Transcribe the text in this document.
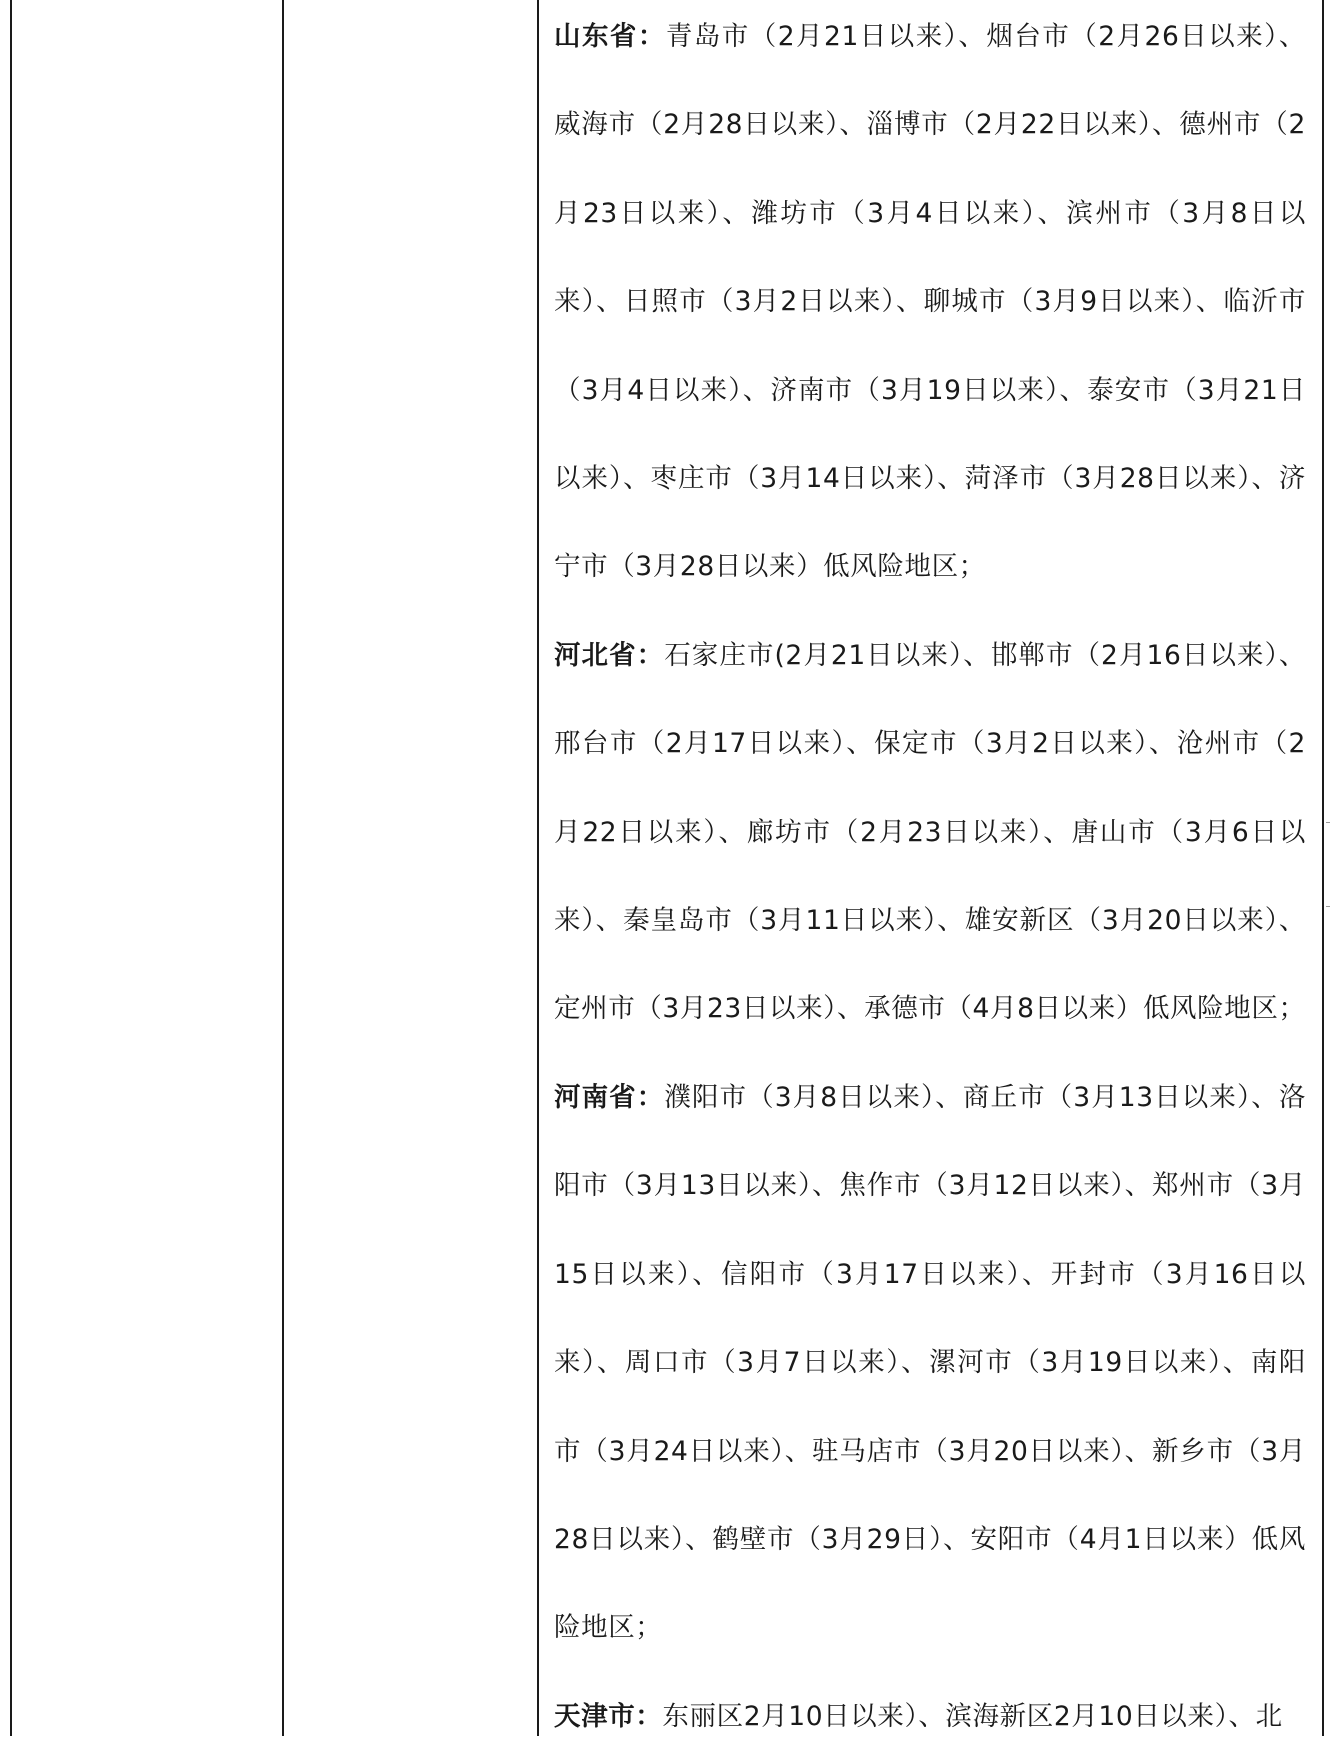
山东省：青岛市（2月21日以来）、烟台市（2月26日以来）、威海市（2月28日以来）、淄博市（2月22日以来）、德州市（2月23日以来）、潍坊市（3月4日以来）、滨州市（3月8日以来）、日照市（3月2日以来）、聊城市（3月9日以来）、临沂市（3月4日以来）、济南市（3月19日以来）、泰安市（3月21日以来）、枣庄市（3月14日以来）、菏泽市（3月28日以来）、济宁市（3月28日以来）低风险地区；

河北省：石家庄市(2月21日以来）、邯郸市（2月16日以来）、邢台市（2月17日以来）、保定市（3月2日以来）、沧州市（2月22日以来）、廊坊市（2月23日以来）、唐山市（3月6日以来）、秦皇岛市（3月11日以来）、雄安新区（3月20日以来）、定州市（3月23日以来）、承德市（4月8日以来）低风险地区；

河南省：濮阳市（3月8日以来）、商丘市（3月13日以来）、洛阳市（3月13日以来）、焦作市（3月12日以来）、郑州市（3月15日以来）、信阳市（3月17日以来）、开封市（3月16日以来）、周口市（3月7日以来）、漯河市（3月19日以来）、南阳市（3月24日以来）、驻马店市（3月20日以来）、新乡市（3月28日以来）、鹤壁市（3月29日）、安阳市（4月1日以来）低风险地区；

天津市：东丽区2月10日以来）、滨海新区2月10日以来）、北
